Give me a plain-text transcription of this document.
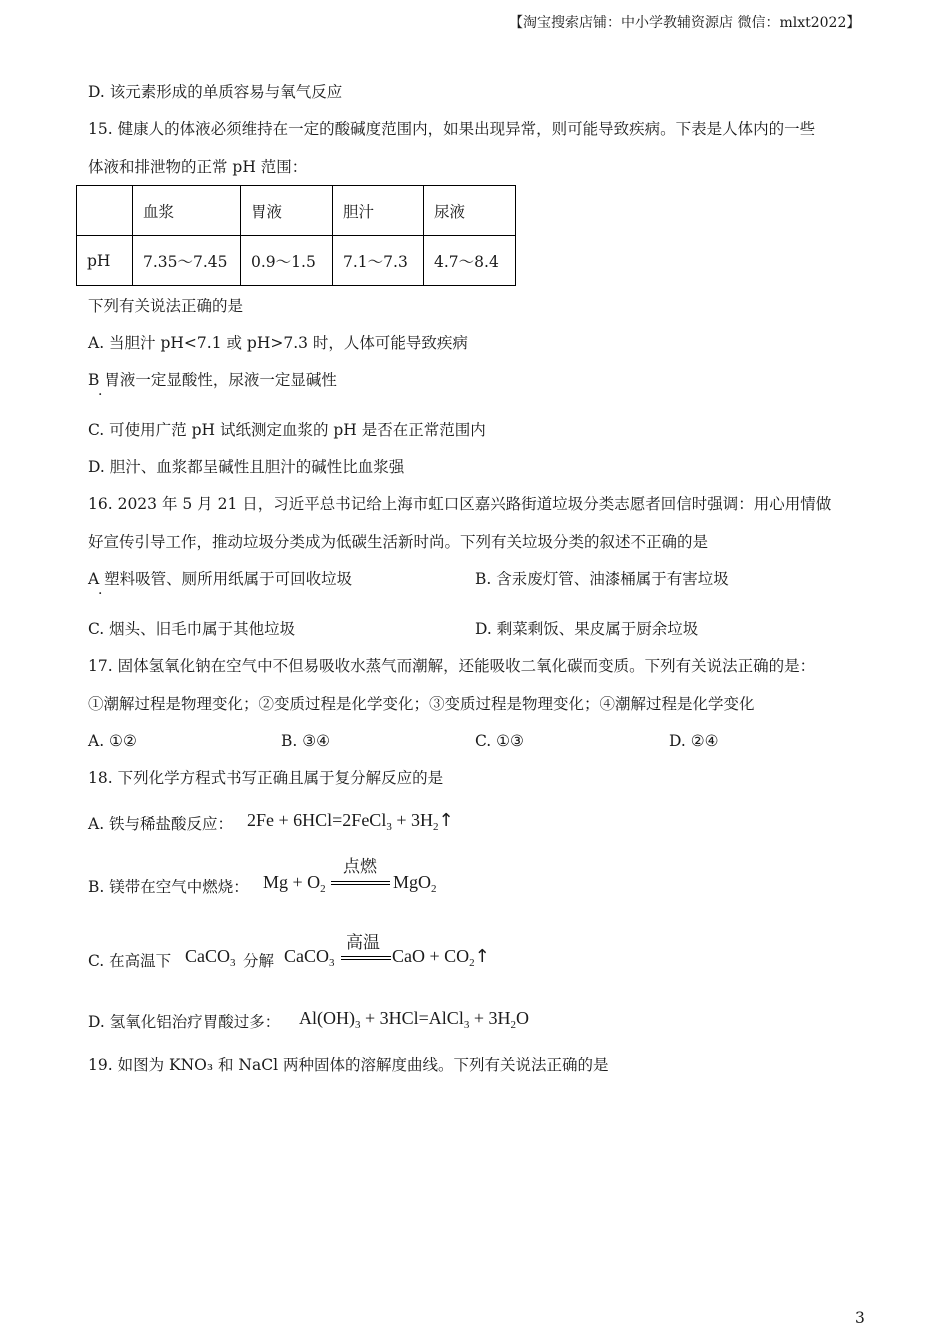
【淘宝搜索店铺：中小学教辅资源店 微信：mlxt2022】
D. 该元素形成的单质容易与氧气反应
15. 健康人的体液必须维持在一定的酸碱度范围内，如果出现异常，则可能导致疾病。下表是人体内的一些
体液和排泄物的正常 pH 范围：
	血浆	胃液	胆汁	尿液
pH	7.35～7.45	0.9～1.5	7.1～7.3	4.7～8.4
下列有关说法正确的是
A. 当胆汁 pH<7.1 或 pH>7.3 时，人体可能导致疾病
B 胃液一定显酸性，尿液一定显碱性
·
C. 可使用广范 pH 试纸测定血浆的 pH 是否在正常范围内
D. 胆汁、血浆都呈碱性且胆汁的碱性比血浆强
16. 2023 年 5 月 21 日，习近平总书记给上海市虹口区嘉兴路街道垃圾分类志愿者回信时强调：用心用情做
好宣传引导工作，推动垃圾分类成为低碳生活新时尚。下列有关垃圾分类的叙述不正确的是
A 塑料吸管、厕所用纸属于可回收垃圾
·
B. 含汞废灯管、油漆桶属于有害垃圾
C. 烟头、旧毛巾属于其他垃圾	D. 剩菜剩饭、果皮属于厨余垃圾
17. 固体氢氧化钠在空气中不但易吸收水蒸气而潮解，还能吸收二氧化碳而变质。下列有关说法正确的是：
①潮解过程是物理变化；②变质过程是化学变化；③变质过程是物理变化；④潮解过程是化学变化
A. ①②	B. ③④	C. ①③	D. ②④
18. 下列化学方程式书写正确且属于复分解反应的是
A. 铁与稀盐酸反应： 2Fe + 6HCl=2FeCl$_3$ + $3H_2↑$
B. 镁带在空气中燃烧： $Mg + O_2$
点燃
MgO$_2$
C. 在高温下 CaCO$_3$ 分解 CaCO$_3$
高温
CaO + $CO_2↑$
D. 氢氧化铝治疗胃酸过多： $Al(OH)_3$ + 3HCl=AlCl$_3$ + $3H_2O$
19. 如图为 KNO₃ 和 NaCl 两种固体的溶解度曲线。下列有关说法正确的是
3
